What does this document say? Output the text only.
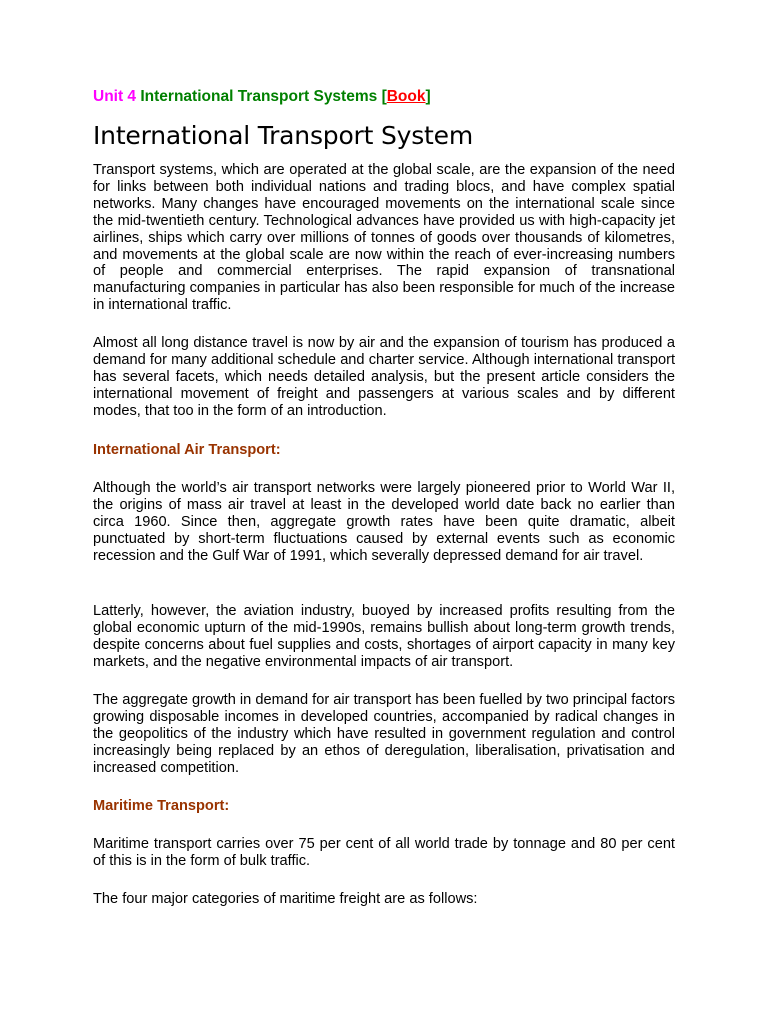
Unit 4 International Transport Systems [Book]
International Transport System

Transport systems, which are operated at the global scale, are the expansion of the need for links between both individual nations and trading blocs, and have complex spatial networks. Many changes have encouraged movements on the international scale since the mid-twentieth century. Technological advances have provided us with high-capacity jet airlines, ships which carry over millions of tonnes of goods over thousands of kilometres, and movements at the global scale are now within the reach of ever-increasing numbers of people and commercial enterprises. The rapid expansion of transnational manufacturing companies in particular has also been responsible for much of the increase in international traffic.

Almost all long distance travel is now by air and the expansion of tourism has produced a demand for many additional schedule and charter service. Although international transport has several facets, which needs detailed analysis, but the present article considers the international movement of freight and passengers at various scales and by different modes, that too in the form of an introduction.

International Air Transport:

Although the world’s air transport networks were largely pioneered prior to World War II, the origins of mass air travel at least in the developed world date back no earlier than circa 1960. Since then, aggregate growth rates have been quite dramatic, albeit punctuated by short-term fluctuations caused by external events such as economic recession and the Gulf War of 1991, which severally depressed demand for air travel.

Latterly, however, the aviation industry, buoyed by increased profits resulting from the global economic upturn of the mid-1990s, remains bullish about long-term growth trends, despite concerns about fuel supplies and costs, shortages of airport capacity in many key markets, and the negative environmental impacts of air transport.

The aggregate growth in demand for air transport has been fuelled by two principal factors growing disposable incomes in developed countries, accompanied by radical changes in the geopolitics of the industry which have resulted in government regulation and control increasingly being replaced by an ethos of deregulation, liberalisation, privatisation and increased competition.

Maritime Transport:

Maritime transport carries over 75 per cent of all world trade by tonnage and 80 per cent of this is in the form of bulk traffic.

The four major categories of maritime freight are as follows:
